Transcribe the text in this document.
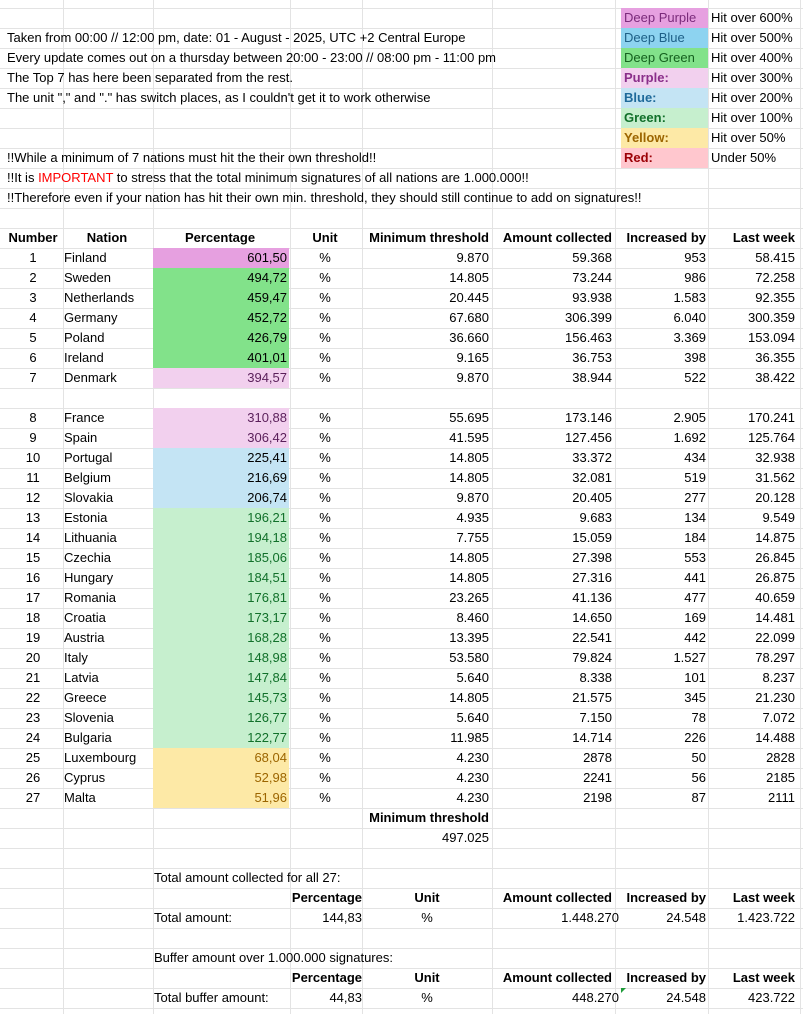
Deep Purple	Hit over 600%
Deep Blue	Hit over 500%
Deep Green	Hit over 400%
Purple:	Hit over 300%
Blue:	Hit over 200%
Green:	Hit over 100%
Yellow:	Hit over 50%
Red:	Under 50%
Taken from 00:00 // 12:00 pm, date: 01 - August - 2025, UTC +2 Central Europe
Every update comes out on a thursday between 20:00 - 23:00 // 08:00 pm - 11:00 pm
The Top 7 has here been separated from the rest.
The unit "," and "." has switch places, as I couldn't get it to work otherwise
!!While a minimum of 7 nations must hit the their own threshold!!
!!It is IMPORTANT to stress that the total minimum signatures of all nations are 1.000.000!!
!!Therefore even if your nation has hit their own min. threshold, they should still continue to add on signatures!!
Number	Nation	Percentage	Unit	Minimum threshold	Amount collected	Increased by	Last week
1	Finland	601,50	%	9.870	59.368	953	58.415
2	Sweden	494,72	%	14.805	73.244	986	72.258
3	Netherlands	459,47	%	20.445	93.938	1.583	92.355
4	Germany	452,72	%	67.680	306.399	6.040	300.359
5	Poland	426,79	%	36.660	156.463	3.369	153.094
6	Ireland	401,01	%	9.165	36.753	398	36.355
7	Denmark	394,57	%	9.870	38.944	522	38.422
8	France	310,88	%	55.695	173.146	2.905	170.241
9	Spain	306,42	%	41.595	127.456	1.692	125.764
10	Portugal	225,41	%	14.805	33.372	434	32.938
11	Belgium	216,69	%	14.805	32.081	519	31.562
12	Slovakia	206,74	%	9.870	20.405	277	20.128
13	Estonia	196,21	%	4.935	9.683	134	9.549
14	Lithuania	194,18	%	7.755	15.059	184	14.875
15	Czechia	185,06	%	14.805	27.398	553	26.845
16	Hungary	184,51	%	14.805	27.316	441	26.875
17	Romania	176,81	%	23.265	41.136	477	40.659
18	Croatia	173,17	%	8.460	14.650	169	14.481
19	Austria	168,28	%	13.395	22.541	442	22.099
20	Italy	148,98	%	53.580	79.824	1.527	78.297
21	Latvia	147,84	%	5.640	8.338	101	8.237
22	Greece	145,73	%	14.805	21.575	345	21.230
23	Slovenia	126,77	%	5.640	7.150	78	7.072
24	Bulgaria	122,77	%	11.985	14.714	226	14.488
25	Luxembourg	68,04	%	4.230	2878	50	2828
26	Cyprus	52,98	%	4.230	2241	56	2185
27	Malta	51,96	%	4.230	2198	87	2111
Minimum threshold
497.025
Total amount collected for all 27:
Percentage	Unit	Amount collected	Increased by	Last week
Total amount:	144,83	%	1.448.270	24.548	1.423.722
Buffer amount over 1.000.000 signatures:
Percentage	Unit	Amount collected	Increased by	Last week
Total buffer amount:	44,83	%	448.270	24.548	423.722
